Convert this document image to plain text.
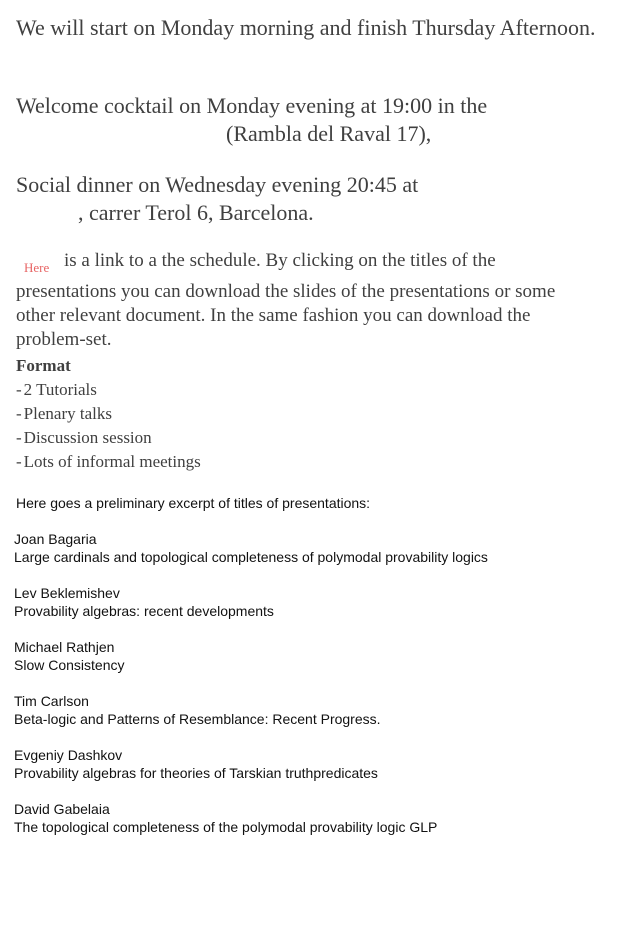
We will start on Monday morning and finish Thursday Afternoon.

Welcome cocktail on Monday evening at 19:00 in the
(Rambla del Raval 17),

Social dinner on Wednesday evening 20:45 at
, carrer Terol 6, Barcelona.

Here is a link to a the schedule. By clicking on the titles of the presentations you can download the slides of the presentations or some other relevant document. In the same fashion you can download the problem-set.

Format

- 2 Tutorials
- Plenary talks
- Discussion session
- Lots of informal meetings

Here goes a preliminary excerpt of titles of presentations:

Joan Bagaria
Large cardinals and topological completeness of polymodal provability logics
Lev Beklemishev
Provability algebras: recent developments
Michael Rathjen
Slow Consistency
Tim Carlson
Beta-logic and Patterns of Resemblance: Recent Progress.
Evgeniy Dashkov
Provability algebras for theories of Tarskian truthpredicates
David Gabelaia
The topological completeness of the polymodal provability logic GLP
